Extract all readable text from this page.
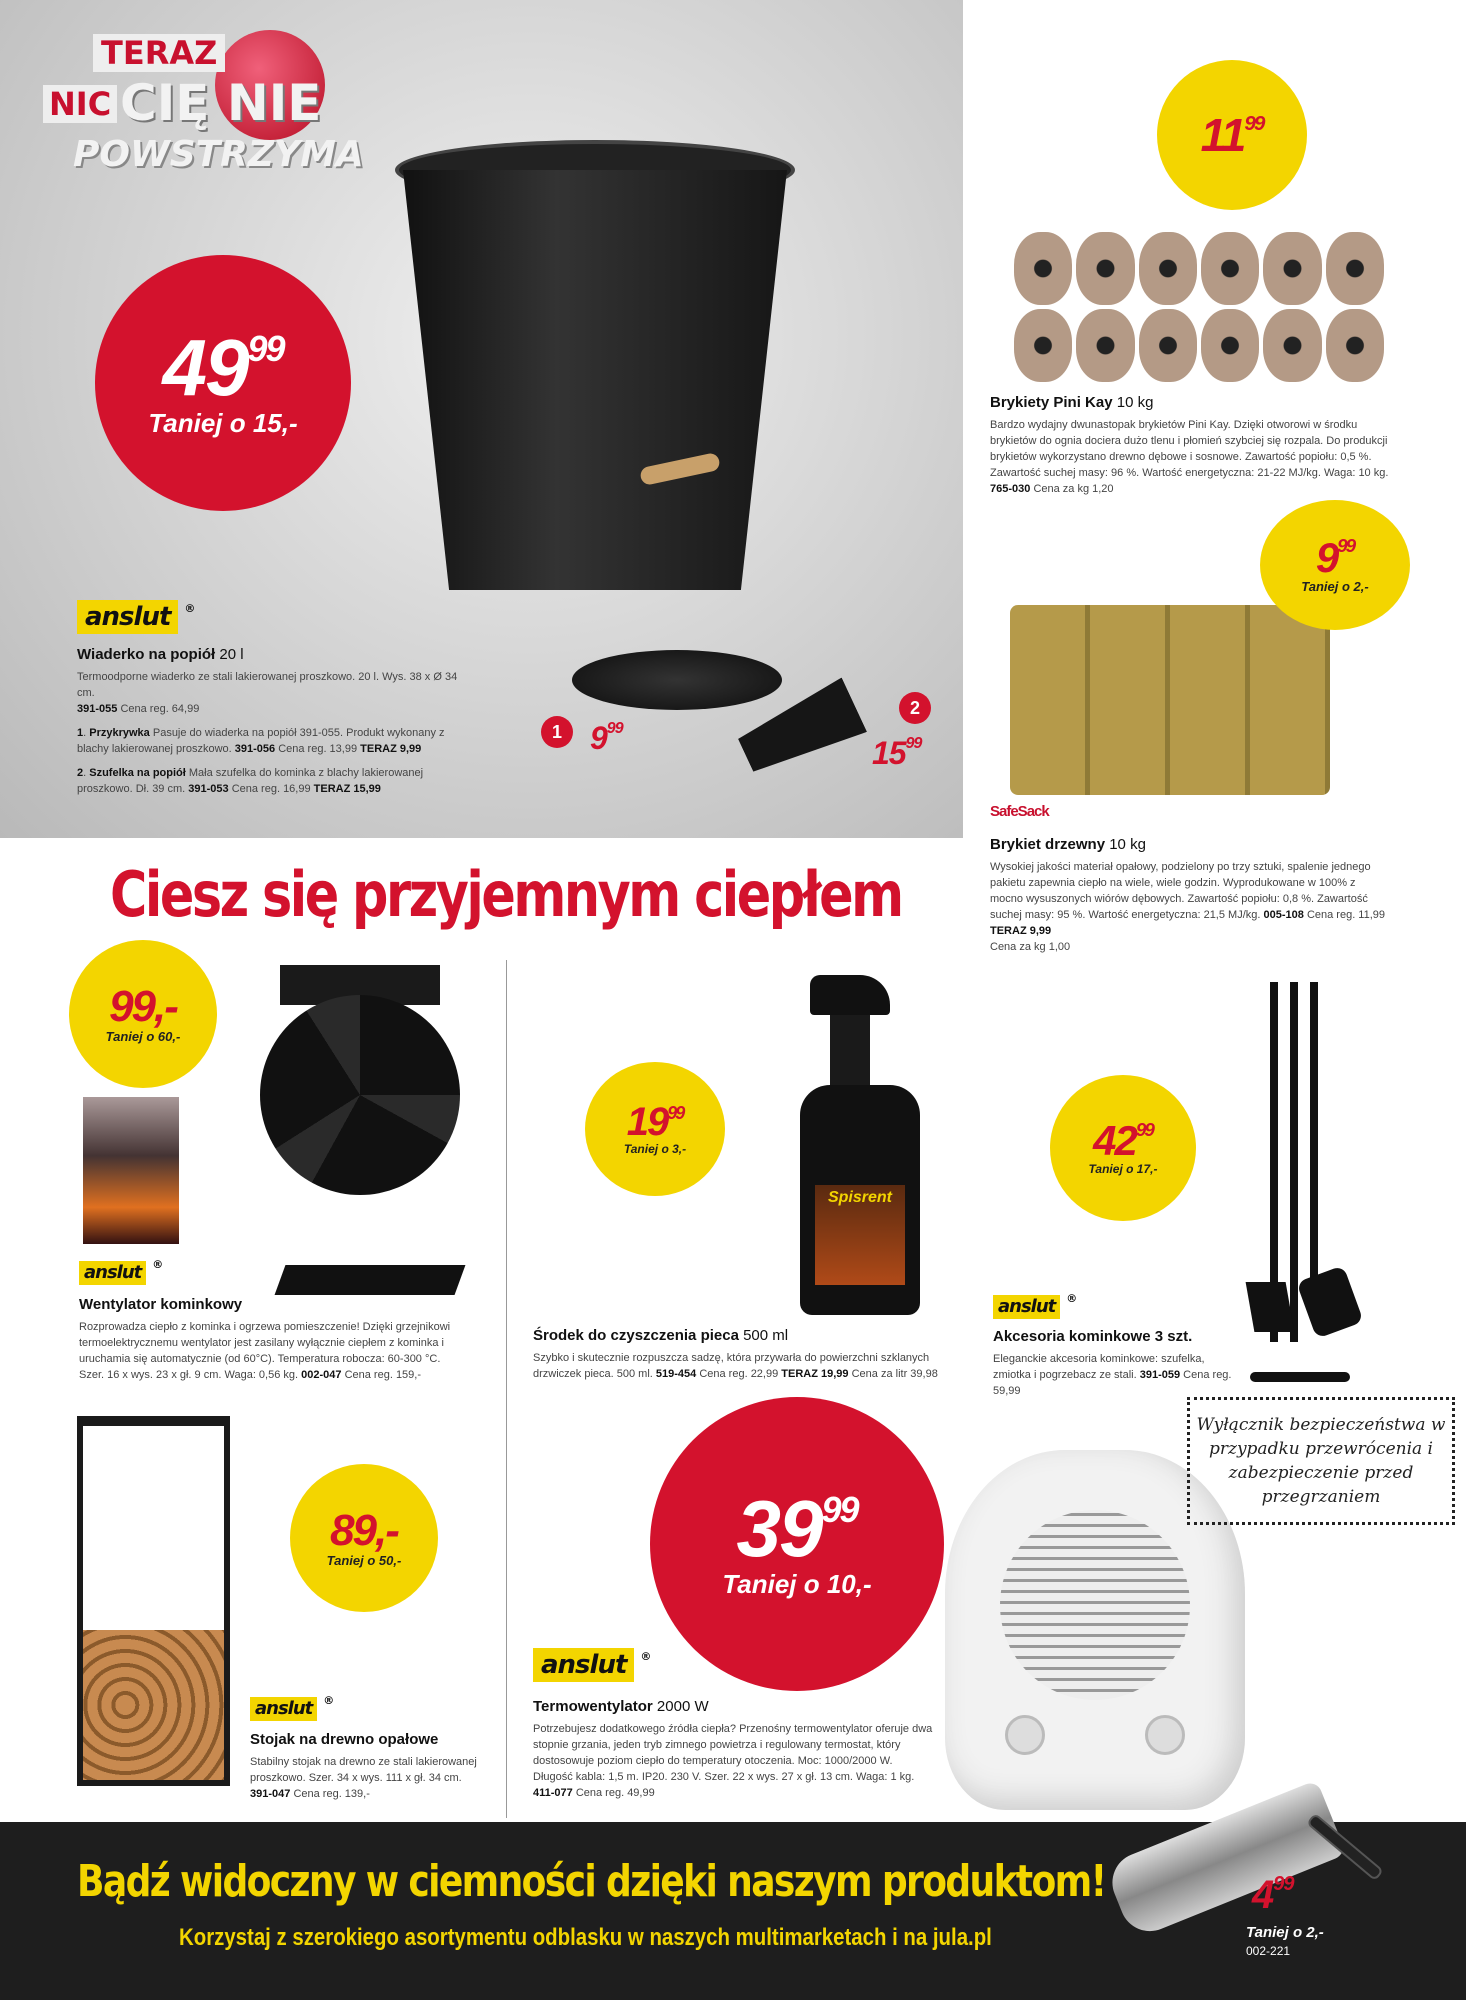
TERAZ
NIC CIĘ NIE
POWSTRZYMA
$49^{99}$
Taniej o 15,-
anslut ®
Wiaderko na popiół 20 l
Termoodporne wiaderko ze stali lakierowanej proszkowo. 20 l. Wys. 38 x Ø 34 cm.
391-055 Cena reg. 64,99
1. Przykrywka Pasuje do wiaderka na popiół 391-055. Produkt wykonany z blachy lakierowanej proszkowo. 391-056 Cena reg. 13,99 TERAZ 9,99
2. Szufelka na popiół Mała szufelka do kominka z blachy lakierowanej proszkowo. Dł. 39 cm. 391-053 Cena reg. 16,99 TERAZ 15,99
1 $9^{99}$
2
$15^{99}$
$11^{99}$
Brykiety Pini Kay 10 kg
Bardzo wydajny dwunastopak brykietów Pini Kay. Dzięki otworowi w środku brykietów do ognia dociera dużo tlenu i płomień szybciej się rozpala. Do produkcji brykietów wykorzystano drewno dębowe i sosnowe. Zawartość popiołu: 0,5 %. Zawartość suchej masy: 96 %. Wartość energetyczna: 21-22 MJ/kg. Waga: 10 kg.
765-030 Cena za kg 1,20
$9^{99}$
Taniej o 2,-
SafeSack
Brykiet drzewny 10 kg
Wysokiej jakości materiał opałowy, podzielony po trzy sztuki, spalenie jednego pakietu zapewnia ciepło na wiele, wiele godzin. Wyprodukowane w 100% z mocno wysuszonych wiórów dębowych. Zawartość popiołu: 0,8 %. Zawartość suchej masy: 95 %. Wartość energetyczna: 21,5 MJ/kg. 005-108 Cena reg. 11,99 TERAZ 9,99
Cena za kg 1,00
Ciesz się przyjemnym ciepłem
99,-
Taniej o 60,-
anslut ®
Wentylator kominkowy
Rozprowadza ciepło z kominka i ogrzewa pomieszczenie! Dzięki grzejnikowi termoelektrycznemu wentylator jest zasilany wyłącznie ciepłem z kominka i uruchamia się automatycznie (od 60°C). Temperatura robocza: 60-300 °C. Szer. 16 x wys. 23 x gł. 9 cm. Waga: 0,56 kg. 002-047 Cena reg. 159,-
$19^{99}$
Taniej o 3,-
Spisrent
Środek do czyszczenia pieca 500 ml
Szybko i skutecznie rozpuszcza sadzę, która przywarła do powierzchni szklanych drzwiczek pieca. 500 ml. 519-454 Cena reg. 22,99 TERAZ 19,99 Cena za litr 39,98
$42^{99}$
Taniej o 17,-
anslut ®
Akcesoria kominkowe 3 szt.
Eleganckie akcesoria kominkowe: szufelka, zmiotka i pogrzebacz ze stali. 391-059 Cena reg. 59,99
89,-
Taniej o 50,-
anslut ®
Stojak na drewno opałowe
Stabilny stojak na drewno ze stali lakierowanej proszkowo. Szer. 34 x wys. 111 x gł. 34 cm.
391-047 Cena reg. 139,-
$39^{99}$
Taniej o 10,-
Wyłącznik bezpieczeństwa w przypadku przewrócenia i zabezpieczenie przed przegrzaniem
anslut ®
Termowentylator 2000 W
Potrzebujesz dodatkowego źródła ciepła? Przenośny termowentylator oferuje dwa stopnie grzania, jeden tryb zimnego powietrza i regulowany termostat, który dostosowuje poziom ciepło do temperatury otoczenia. Moc: 1000/2000 W. Długość kabla: 1,5 m. IP20. 230 V. Szer. 22 x wys. 27 x gł. 13 cm. Waga: 1 kg. 411-077 Cena reg. 49,99
Bądź widoczny w ciemności dzięki naszym produktom!
Korzystaj z szerokiego asortymentu odblasku w naszych multimarketach i na jula.pl
$4^{99}$
Taniej o 2,-
002-221
